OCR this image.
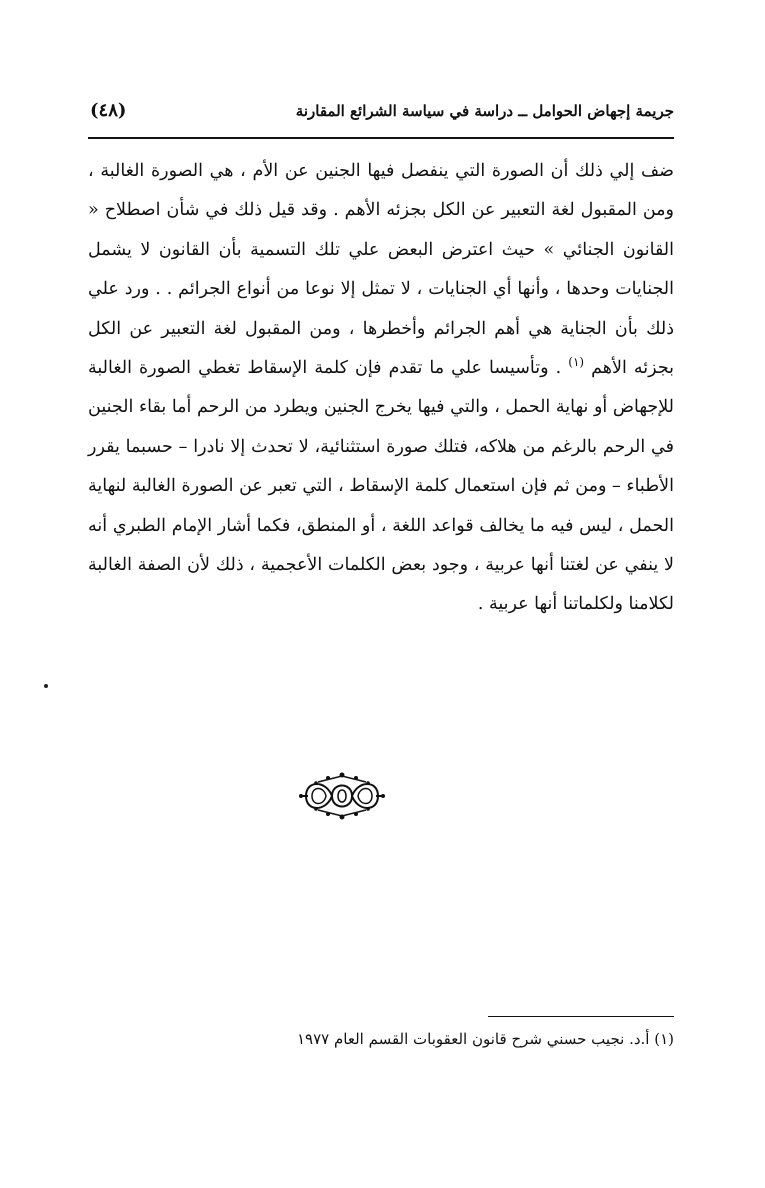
جريمة إجهاض الحوامل ــ دراسة في سياسة الشرائع المقارنة
(٤٨)
ضف إلي ذلك أن الصورة التي ينفصل فيها الجنين عن الأم ، هي الصورة الغالبة ، ومن المقبول لغة التعبير عن الكل بجزئه الأهم . وقد قيل ذلك في شأن اصطلاح « القانون الجنائي » حيث اعترض البعض علي تلك التسمية بأن القانون لا يشمل الجنايات وحدها ، وأنها أي الجنايات ، لا تمثل إلا نوعا من أنواع الجرائم . . ورد علي ذلك بأن الجناية هي أهم الجرائم وأخطرها ، ومن المقبول لغة التعبير عن الكل بجزئه الأهم $^{(١)}$ . وتأسيسا علي ما تقدم فإن كلمة الإسقاط تغطي الصورة الغالبة للإجهاض أو نهاية الحمل ، والتي فيها يخرج الجنين ويطرد من الرحم أما بقاء الجنين في الرحم بالرغم من هلاكه، فتلك صورة استثنائية، لا تحدث إلا نادرا – حسبما يقرر الأطباء – ومن ثم فإن استعمال كلمة الإسقاط ، التي تعبر عن الصورة الغالبة لنهاية الحمل ، ليس فيه ما يخالف قواعد اللغة ، أو المنطق، فكما أشار الإمام الطبري أنه لا ينفي عن لغتنا أنها عربية ، وجود بعض الكلمات الأعجمية ، ذلك لأن الصفة الغالبة لكلامنا ولكلماتنا أنها عربية .
(١) أ.د. نجيب حسني شرح قانون العقوبات القسم العام ١٩٧٧
